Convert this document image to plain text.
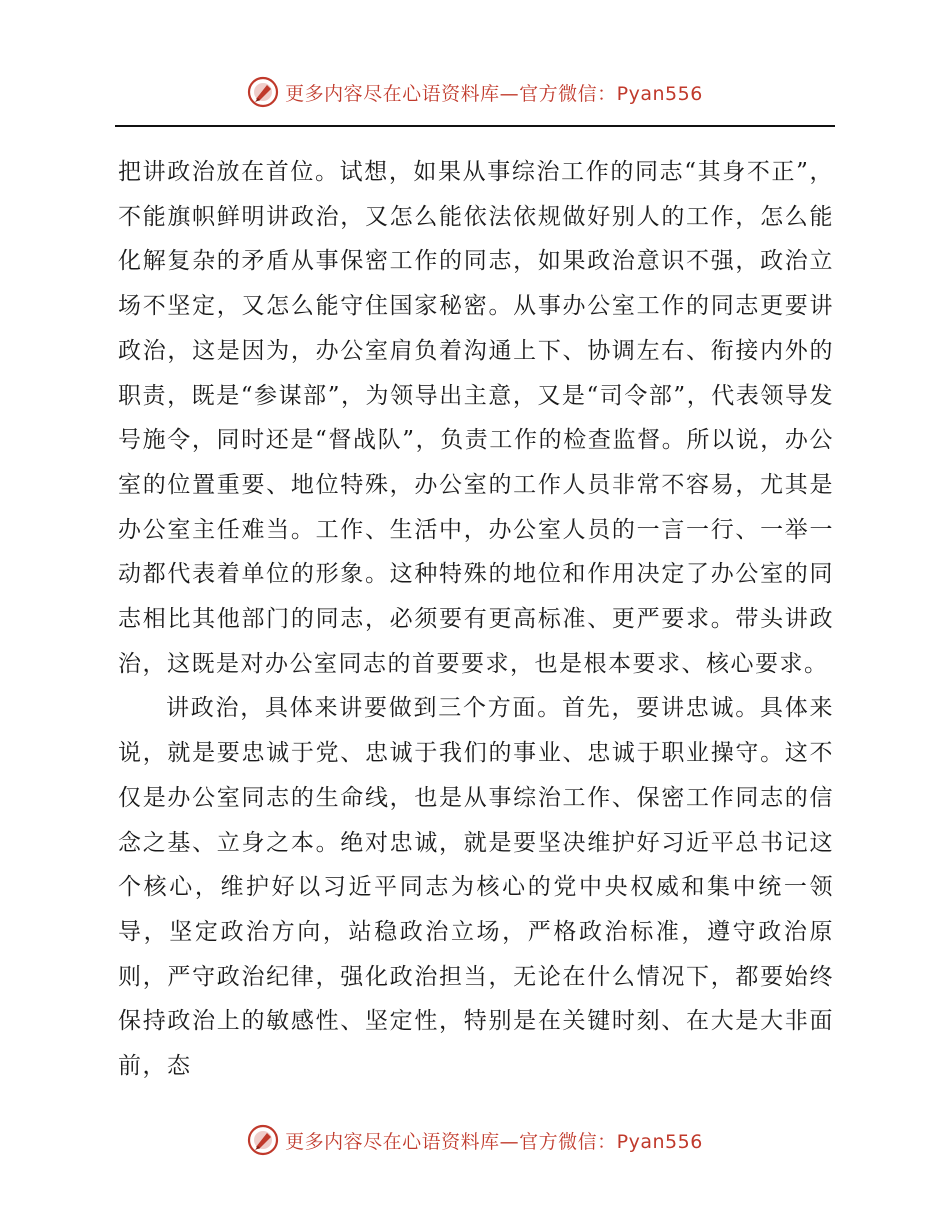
更多内容尽在心语资料库—官方微信：Pyan556

把讲政治放在首位。试想，如果从事综治工作的同志“其身不正”，不能旗帜鲜明讲政治，又怎么能依法依规做好别人的工作，怎么能化解复杂的矛盾从事保密工作的同志，如果政治意识不强，政治立场不坚定，又怎么能守住国家秘密。从事办公室工作的同志更要讲政治，这是因为，办公室肩负着沟通上下、协调左右、衔接内外的职责，既是“参谋部”，为领导出主意，又是“司令部”，代表领导发号施令，同时还是“督战队”，负责工作的检查监督。所以说，办公室的位置重要、地位特殊，办公室的工作人员非常不容易，尤其是办公室主任难当。工作、生活中，办公室人员的一言一行、一举一动都代表着单位的形象。这种特殊的地位和作用决定了办公室的同志相比其他部门的同志，必须要有更高标准、更严要求。带头讲政治，这既是对办公室同志的首要要求，也是根本要求、核心要求。

讲政治，具体来讲要做到三个方面。首先，要讲忠诚。具体来说，就是要忠诚于党、忠诚于我们的事业、忠诚于职业操守。这不仅是办公室同志的生命线，也是从事综治工作、保密工作同志的信念之基、立身之本。绝对忠诚，就是要坚决维护好习近平总书记这个核心，维护好以习近平同志为核心的党中央权威和集中统一领导，坚定政治方向，站稳政治立场，严格政治标准，遵守政治原则，严守政治纪律，强化政治担当，无论在什么情况下，都要始终保持政治上的敏感性、坚定性，特别是在关键时刻、在大是大非面前，态

更多内容尽在心语资料库—官方微信：Pyan556
